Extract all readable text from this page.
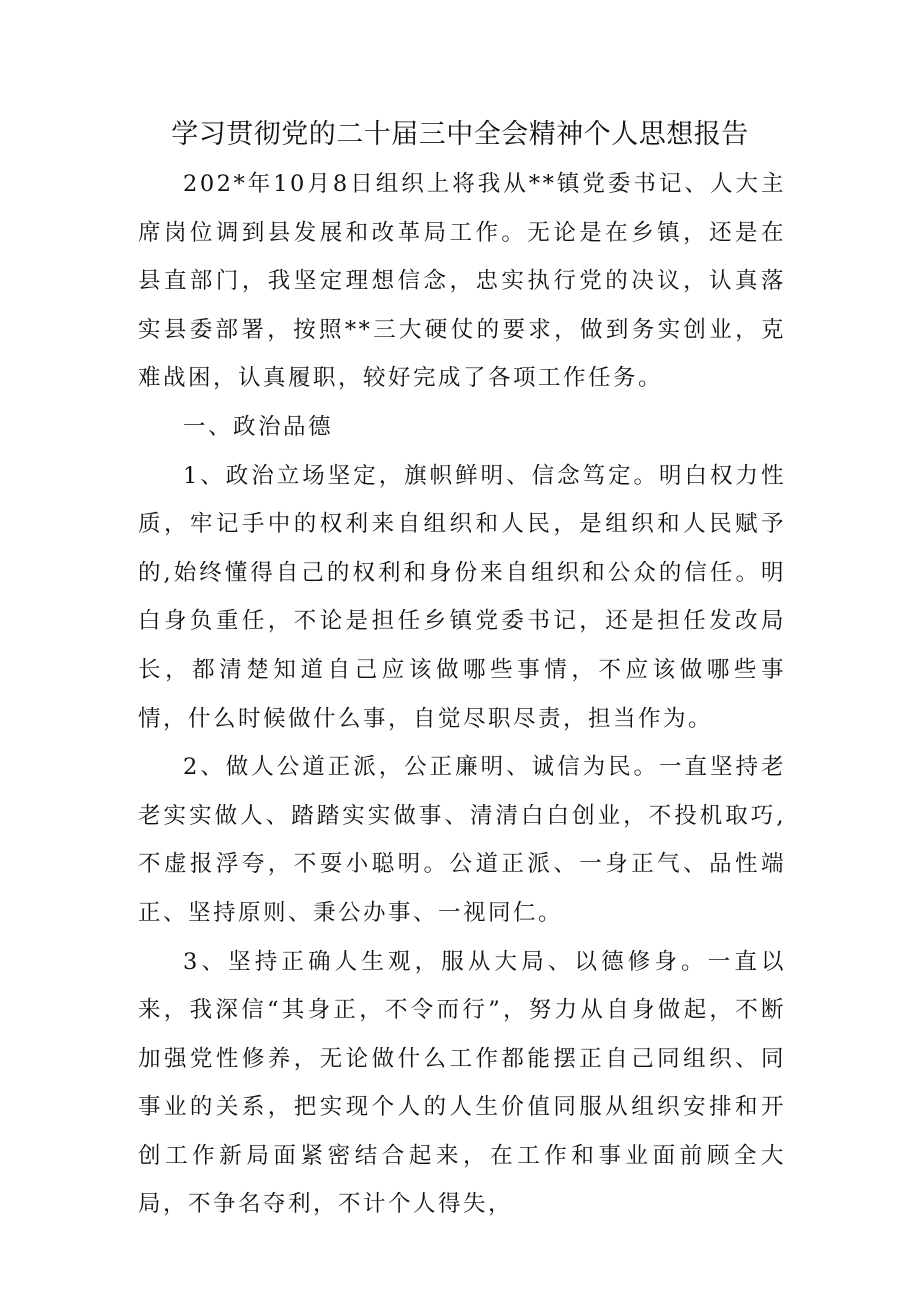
学习贯彻党的二十届三中全会精神个人思想报告

202*年10月8日组织上将我从**镇党委书记、人大主席岗位调到县发展和改革局工作。无论是在乡镇，还是在县直部门，我坚定理想信念，忠实执行党的决议，认真落实县委部署，按照**三大硬仗的要求，做到务实创业，克难战困，认真履职，较好完成了各项工作任务。

一、政治品德

1、政治立场坚定，旗帜鲜明、信念笃定。明白权力性质，牢记手中的权利来自组织和人民，是组织和人民赋予的,始终懂得自己的权利和身份来自组织和公众的信任。明白身负重任，不论是担任乡镇党委书记，还是担任发改局长，都清楚知道自己应该做哪些事情，不应该做哪些事情，什么时候做什么事，自觉尽职尽责，担当作为。

2、做人公道正派，公正廉明、诚信为民。一直坚持老老实实做人、踏踏实实做事、清清白白创业，不投机取巧,不虚报浮夸，不耍小聪明。公道正派、一身正气、品性端正、坚持原则、秉公办事、一视同仁。

3、坚持正确人生观，服从大局、以德修身。一直以来，我深信“其身正，不令而行”，努力从自身做起，不断加强党性修养，无论做什么工作都能摆正自己同组织、同事业的关系，把实现个人的人生价值同服从组织安排和开创工作新局面紧密结合起来，在工作和事业面前顾全大局，不争名夺利，不计个人得失，
